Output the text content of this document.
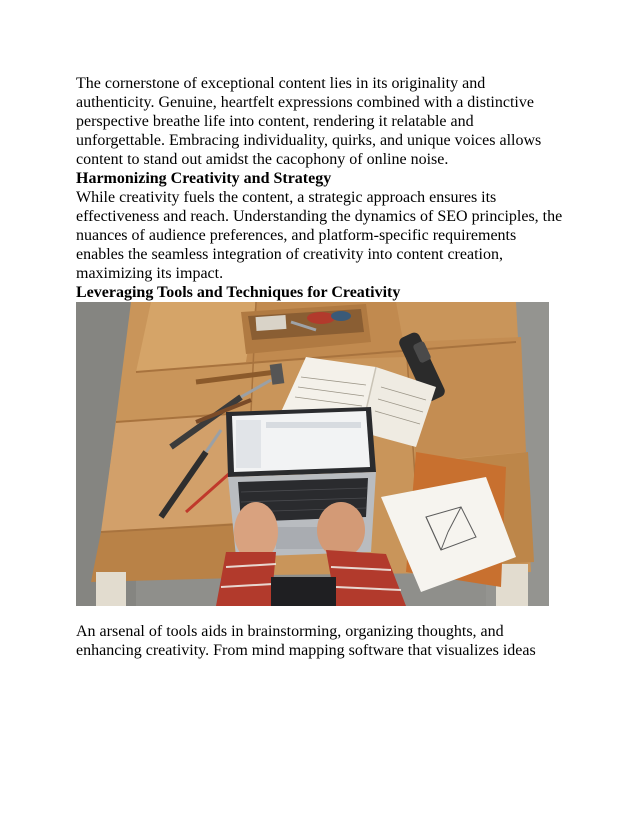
The cornerstone of exceptional content lies in its originality and authenticity. Genuine, heartfelt expressions combined with a distinctive perspective breathe life into content, rendering it relatable and unforgettable. Embracing individuality, quirks, and unique voices allows content to stand out amidst the cacophony of online noise.

Harmonizing Creativity and Strategy

While creativity fuels the content, a strategic approach ensures its effectiveness and reach. Understanding the dynamics of SEO principles, the nuances of audience preferences, and platform-specific requirements enables the seamless integration of creativity into content creation, maximizing its impact.

Leveraging Tools and Techniques for Creativity

An arsenal of tools aids in brainstorming, organizing thoughts, and enhancing creativity. From mind mapping software that visualizes ideas
